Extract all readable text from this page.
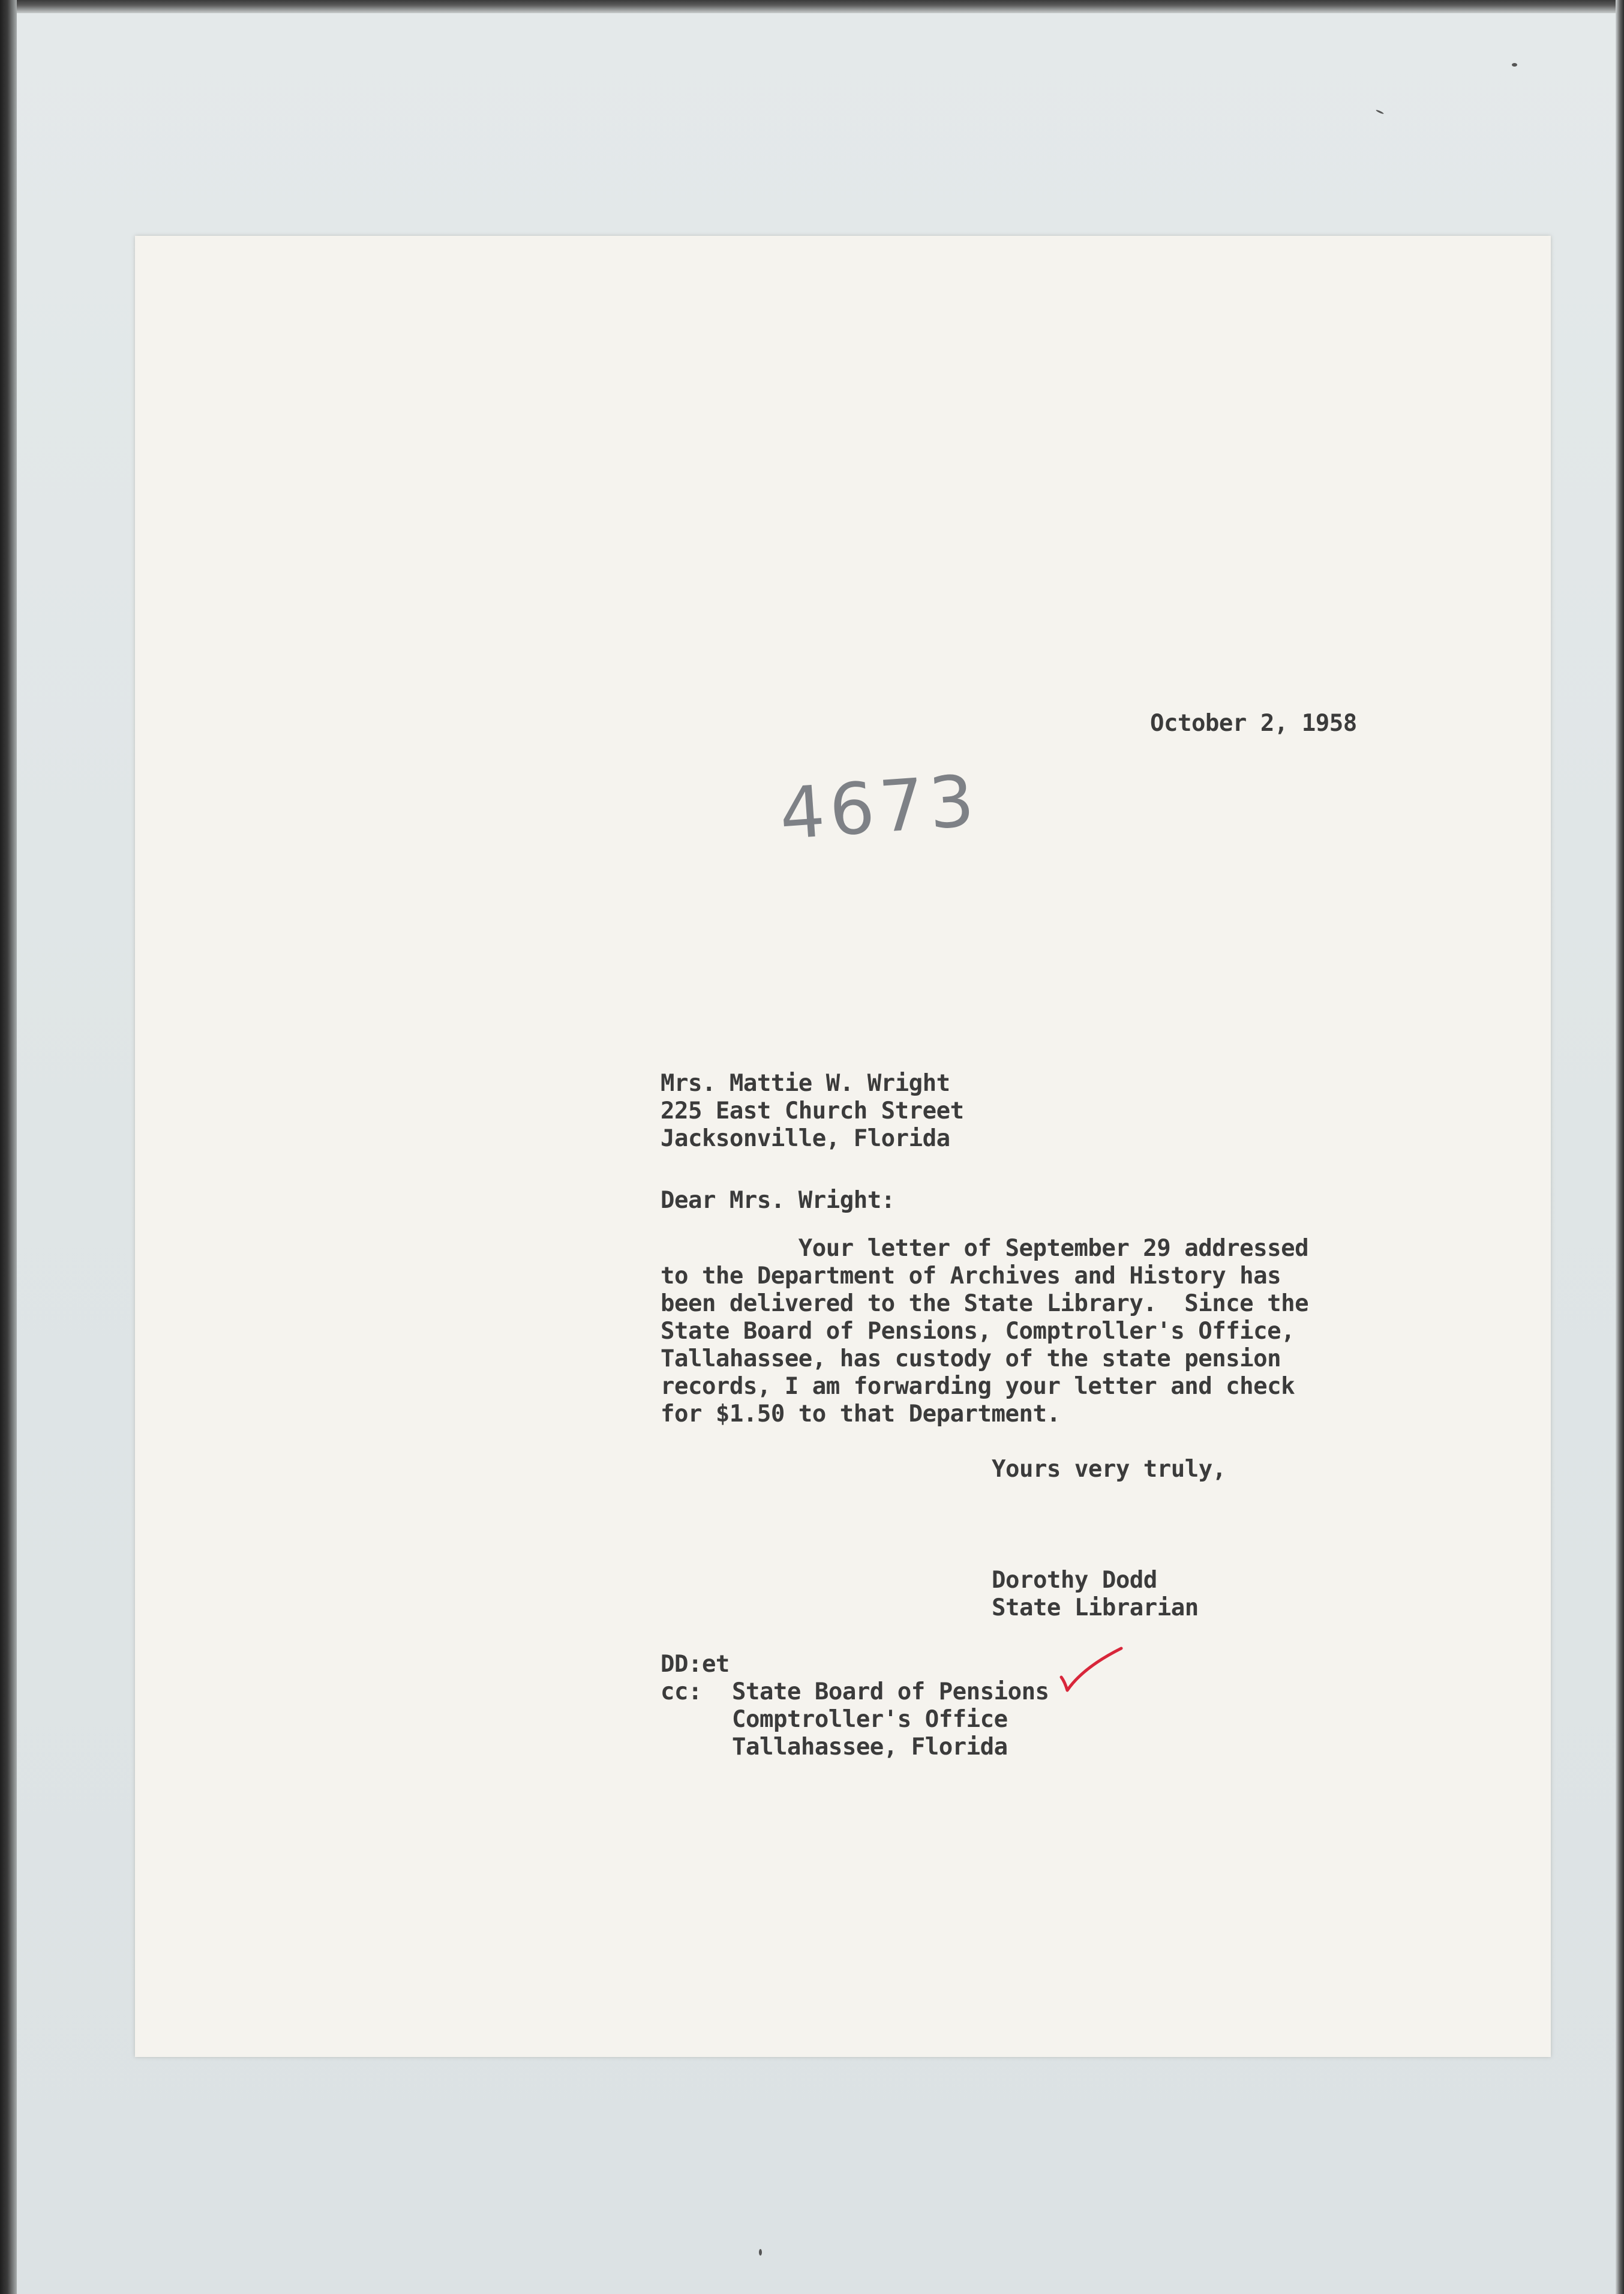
October 2, 1958
4673
Mrs. Mattie W. Wright
225 East Church Street
Jacksonville, Florida
Dear Mrs. Wright:
Your letter of September 29 addressed
to the Department of Archives and History has
been delivered to the State Library.  Since the
State Board of Pensions, Comptroller's Office,
Tallahassee, has custody of the state pension
records, I am forwarding your letter and check
for $1.50 to that Department.
Yours very truly,
Dorothy Dodd
State Librarian
DD:et
cc: State Board of Pensions
Comptroller's Office
Tallahassee, Florida
